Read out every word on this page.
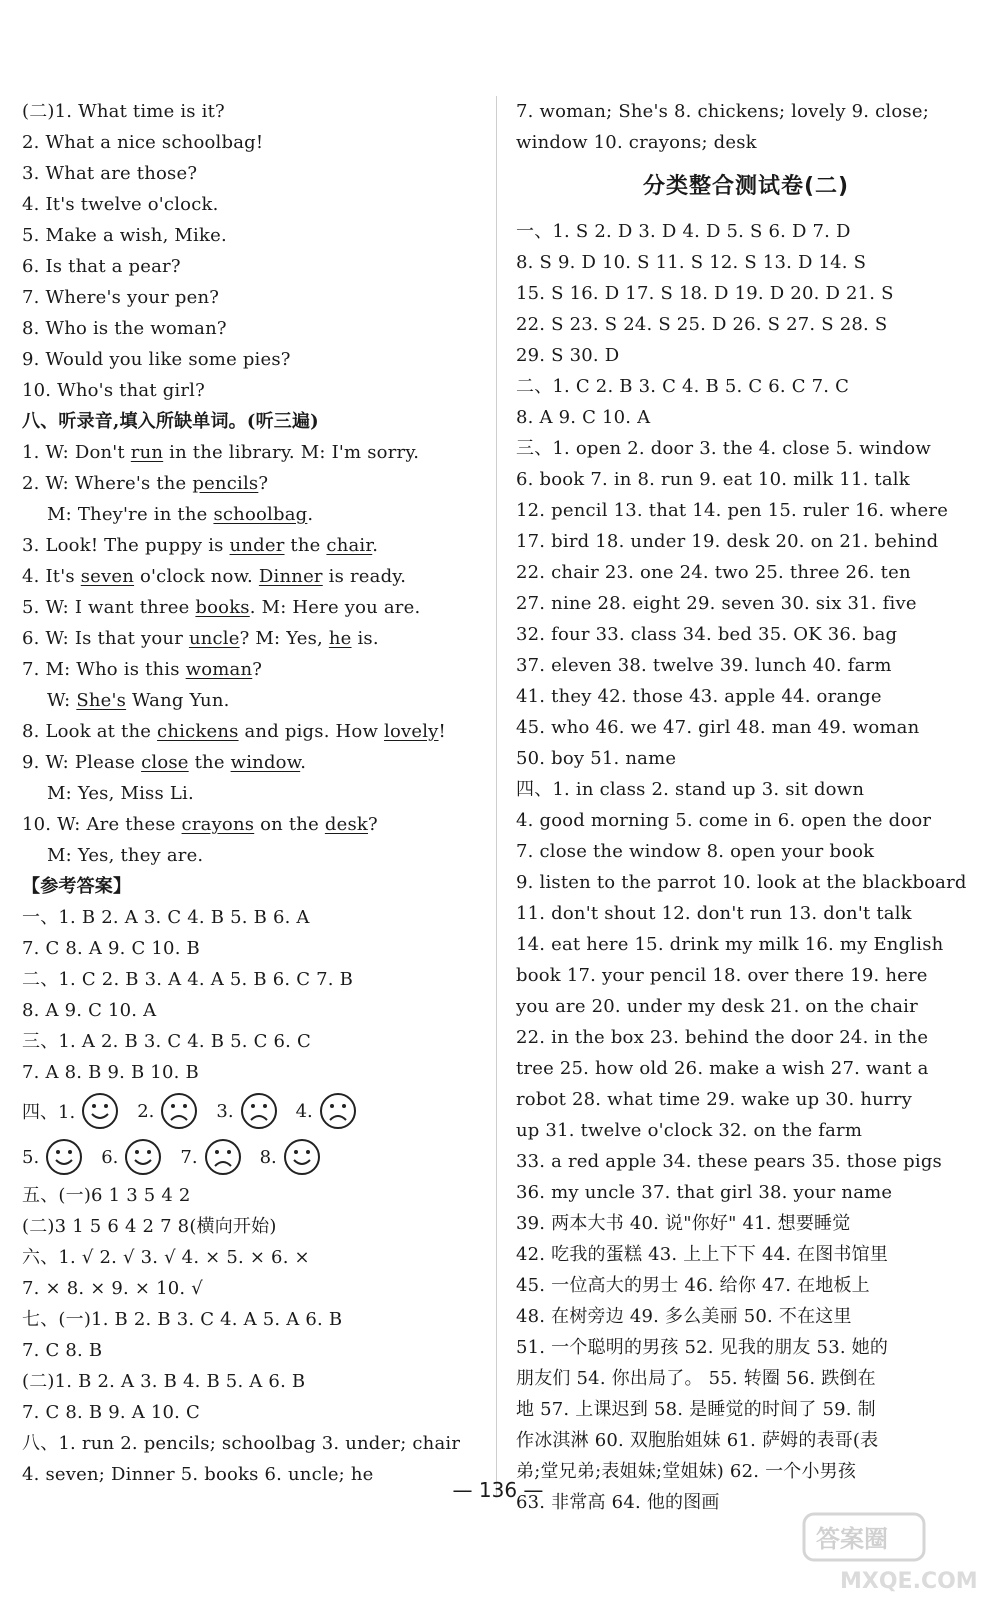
(二)1. What time is it?
2. What a nice schoolbag!
3. What are those?
4. It's twelve o'clock.
5. Make a wish, Mike.
6. Is that a pear?
7. Where's your pen?
8. Who is the woman?
9. Would you like some pies?
10. Who's that girl?
八、听录音,填入所缺单词。(听三遍)
1. W: Don't run in the library. M: I'm sorry.
2. W: Where's the pencils?
M: They're in the schoolbag.
3. Look! The puppy is under the chair.
4. It's seven o'clock now. Dinner is ready.
5. W: I want three books. M: Here you are.
6. W: Is that your uncle? M: Yes, he is.
7. M: Who is this woman?
W: She's Wang Yun.
8. Look at the chickens and pigs. How lovely!
9. W: Please close the window.
M: Yes, Miss Li.
10. W: Are these crayons on the desk?
M: Yes, they are.
【参考答案】
一、1. B 2. A 3. C 4. B 5. B 6. A
7. C 8. A 9. C 10. B
二、1. C 2. B 3. A 4. A 5. B 6. C 7. B
8. A 9. C 10. A
三、1. A 2. B 3. C 4. B 5. C 6. C
7. A 8. B 9. B 10. B
四、1.	2.	3.	4.
5.	6.	7.	8.
五、(一)6 1 3 5 4 2
(二)3 1 5 6 4 2 7 8(横向开始)
六、1. √ 2. √ 3. √ 4. × 5. × 6. ×
7. × 8. × 9. × 10. √
七、(一)1. B 2. B 3. C 4. A 5. A 6. B
7. C 8. B
(二)1. B 2. A 3. B 4. B 5. A 6. B
7. C 8. B 9. A 10. C
八、1. run 2. pencils; schoolbag 3. under; chair
4. seven; Dinner 5. books 6. uncle; he
7. woman; She's 8. chickens; lovely 9. close;
window 10. crayons; desk
分类整合测试卷(二)
一、1. S 2. D 3. D 4. D 5. S 6. D 7. D
8. S 9. D 10. S 11. S 12. S 13. D 14. S
15. S 16. D 17. S 18. D 19. D 20. D 21. S
22. S 23. S 24. S 25. D 26. S 27. S 28. S
29. S 30. D
二、1. C 2. B 3. C 4. B 5. C 6. C 7. C
8. A 9. C 10. A
三、1. open 2. door 3. the 4. close 5. window
6. book 7. in 8. run 9. eat 10. milk 11. talk
12. pencil 13. that 14. pen 15. ruler 16. where
17. bird 18. under 19. desk 20. on 21. behind
22. chair 23. one 24. two 25. three 26. ten
27. nine 28. eight 29. seven 30. six 31. five
32. four 33. class 34. bed 35. OK 36. bag
37. eleven 38. twelve 39. lunch 40. farm
41. they 42. those 43. apple 44. orange
45. who 46. we 47. girl 48. man 49. woman
50. boy 51. name
四、1. in class 2. stand up 3. sit down
4. good morning 5. come in 6. open the door
7. close the window 8. open your book
9. listen to the parrot 10. look at the blackboard
11. don't shout 12. don't run 13. don't talk
14. eat here 15. drink my milk 16. my English
book 17. your pencil 18. over there 19. here
you are 20. under my desk 21. on the chair
22. in the box 23. behind the door 24. in the
tree 25. how old 26. make a wish 27. want a
robot 28. what time 29. wake up 30. hurry
up 31. twelve o'clock 32. on the farm
33. a red apple 34. these pears 35. those pigs
36. my uncle 37. that girl 38. your name
39. 两本大书 40. 说"你好" 41. 想要睡觉
42. 吃我的蛋糕 43. 上上下下 44. 在图书馆里
45. 一位高大的男士 46. 给你 47. 在地板上
48. 在树旁边 49. 多么美丽 50. 不在这里
51. 一个聪明的男孩 52. 见我的朋友 53. 她的
朋友们 54. 你出局了。 55. 转圈 56. 跌倒在
地 57. 上课迟到 58. 是睡觉的时间了 59. 制
作冰淇淋 60. 双胞胎姐妹 61. 萨姆的表哥(表
弟;堂兄弟;表姐妹;堂姐妹) 62. 一个小男孩
63. 非常高 64. 他的图画
— 136 —
答案圈
MXQE.COM
